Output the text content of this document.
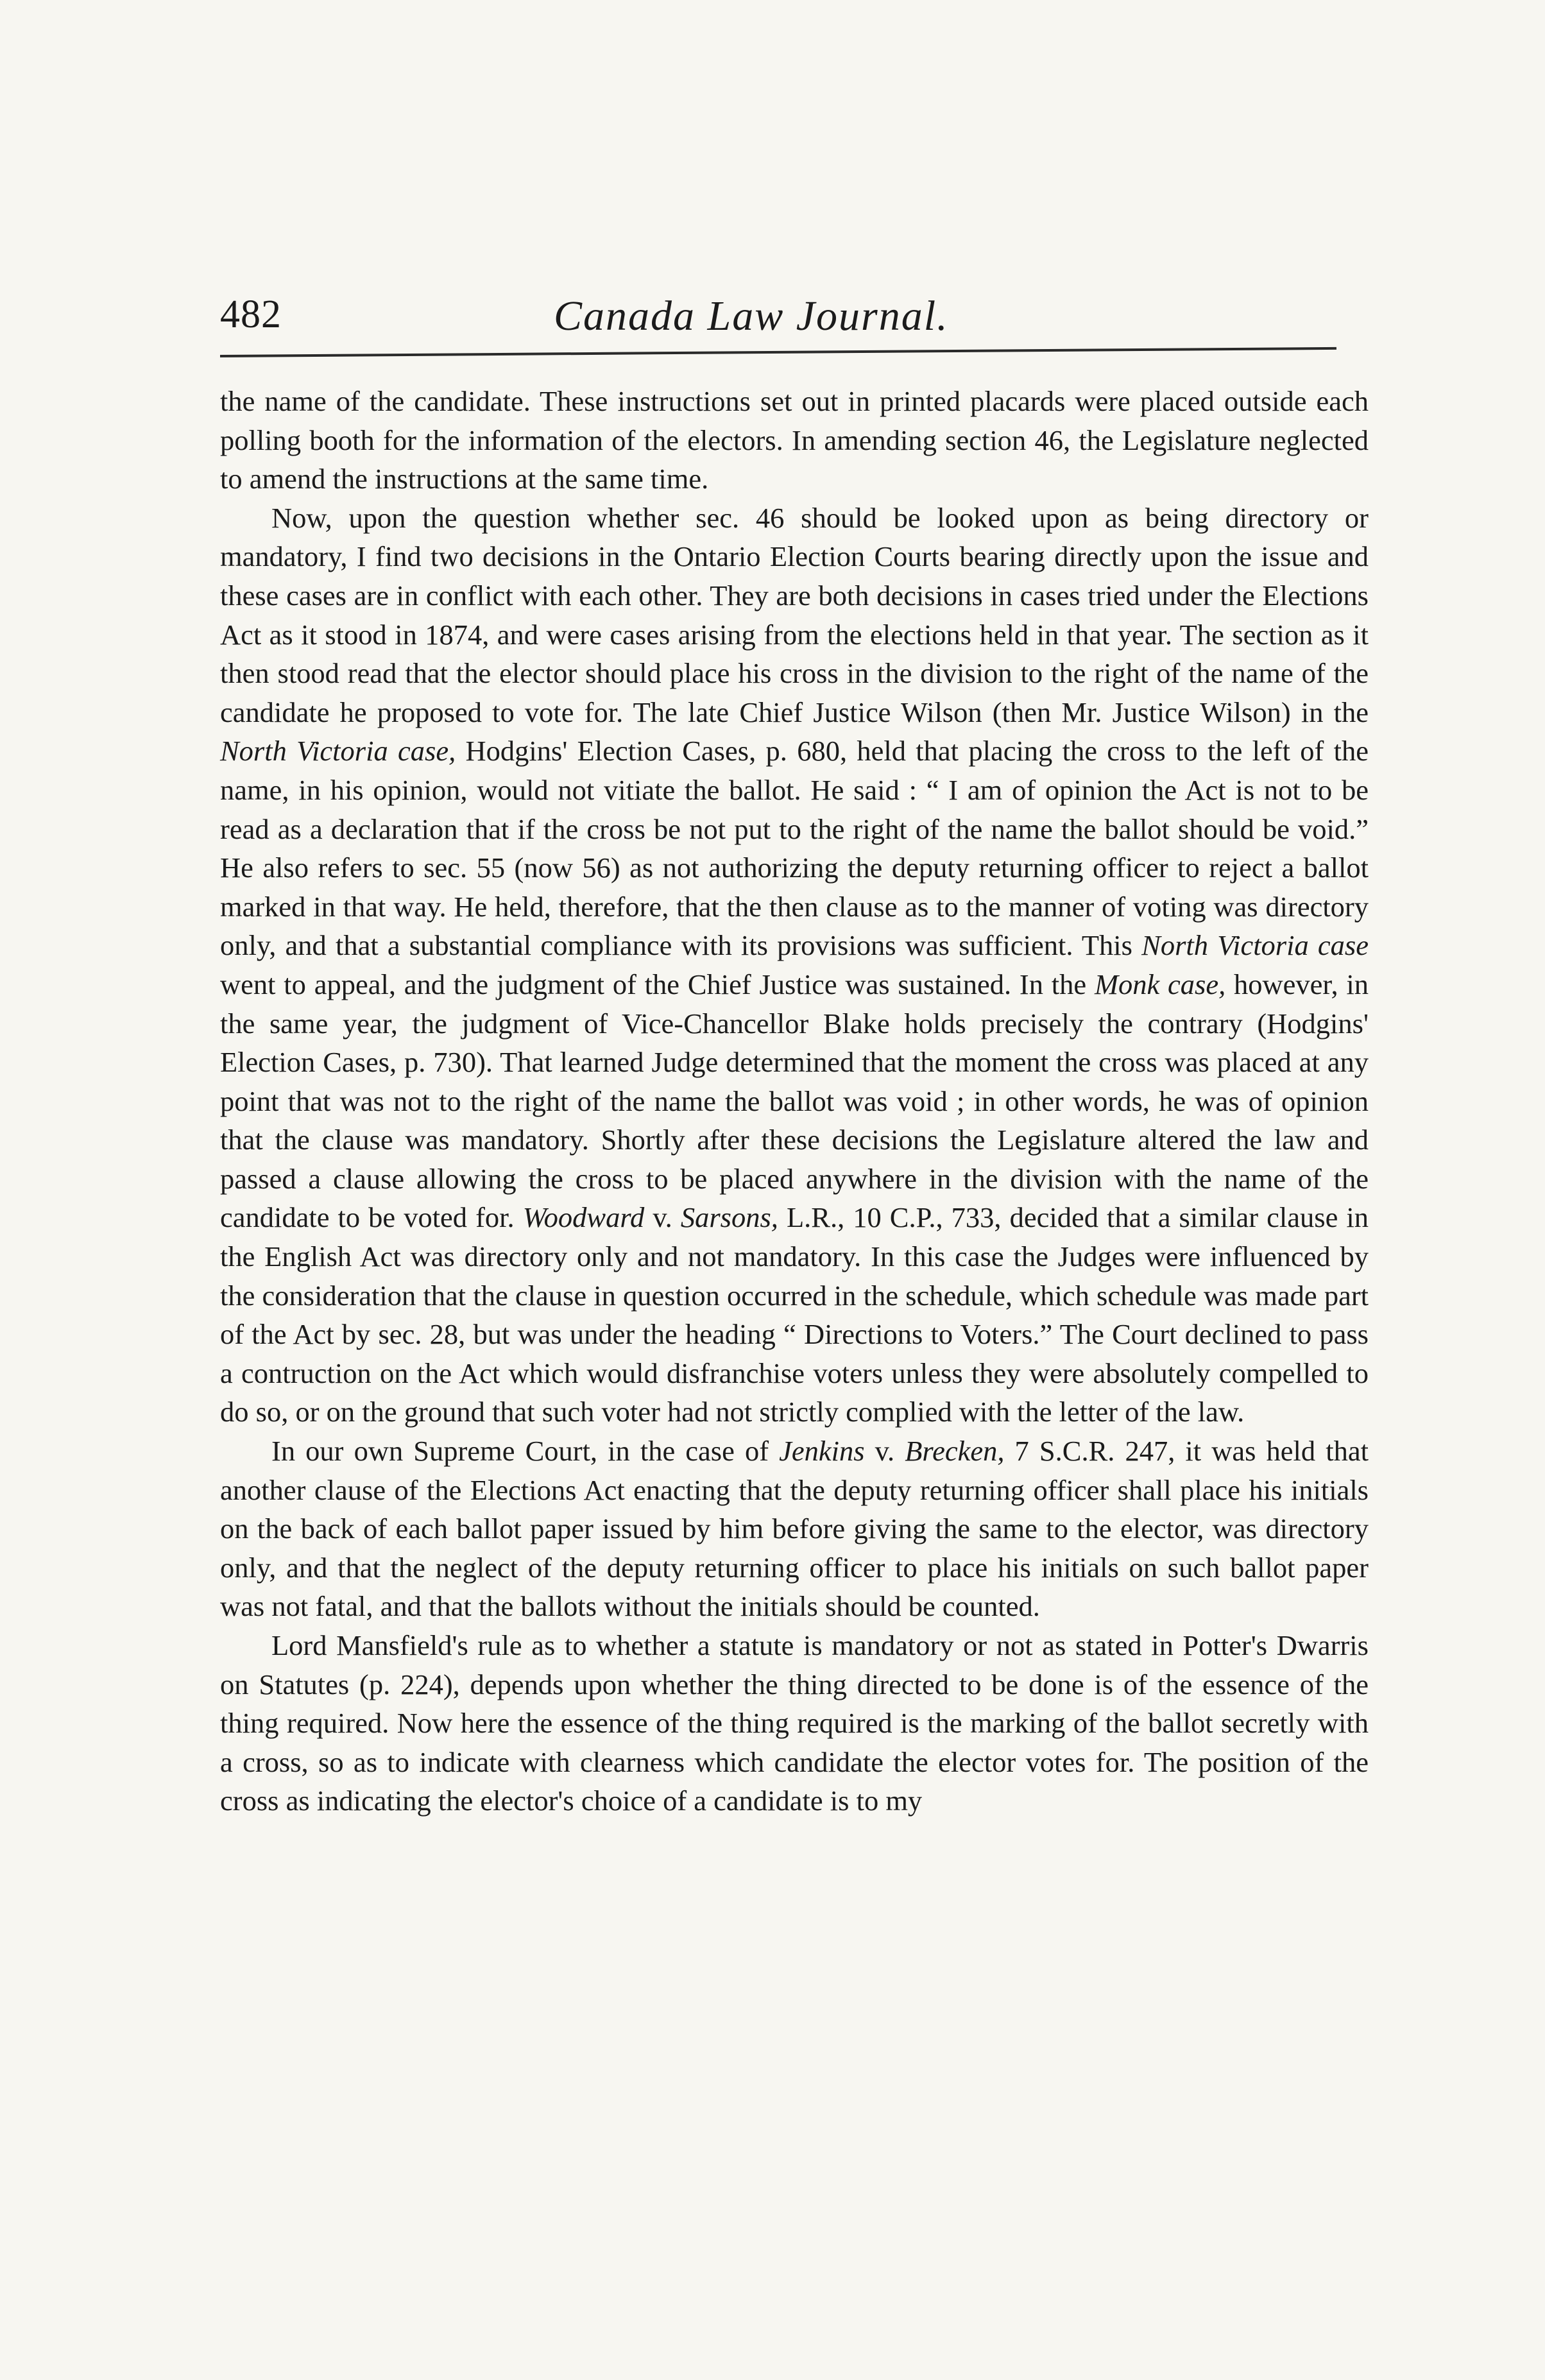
482	Canada Law Journal.

the name of the candidate. These instructions set out in printed placards were placed outside each polling booth for the information of the electors. In amending section 46, the Legislature neglected to amend the instructions at the same time.

Now, upon the question whether sec. 46 should be looked upon as being directory or mandatory, I find two decisions in the Ontario Election Courts bearing directly upon the issue and these cases are in conflict with each other. They are both decisions in cases tried under the Elections Act as it stood in 1874, and were cases arising from the elections held in that year. The section as it then stood read that the elector should place his cross in the division to the right of the name of the candidate he proposed to vote for. The late Chief Justice Wilson (then Mr. Justice Wilson) in the North Victoria case, Hodgins' Election Cases, p. 680, held that placing the cross to the left of the name, in his opinion, would not vitiate the ballot. He said : “ I am of opinion the Act is not to be read as a declaration that if the cross be not put to the right of the name the ballot should be void.” He also refers to sec. 55 (now 56) as not authorizing the deputy returning officer to reject a ballot marked in that way. He held, therefore, that the then clause as to the manner of voting was directory only, and that a substantial compliance with its provisions was sufficient. This North Victoria case went to appeal, and the judgment of the Chief Justice was sustained. In the Monk case, however, in the same year, the judgment of Vice-Chancellor Blake holds precisely the contrary (Hodgins' Election Cases, p. 730). That learned Judge determined that the moment the cross was placed at any point that was not to the right of the name the ballot was void ; in other words, he was of opinion that the clause was mandatory. Shortly after these decisions the Legislature altered the law and passed a clause allowing the cross to be placed anywhere in the division with the name of the candidate to be voted for. Woodward v. Sarsons, L.R., 10 C.P., 733, decided that a similar clause in the English Act was directory only and not mandatory. In this case the Judges were influenced by the consideration that the clause in question occurred in the schedule, which schedule was made part of the Act by sec. 28, but was under the heading “ Directions to Voters.” The Court declined to pass a contruction on the Act which would disfranchise voters unless they were absolutely compelled to do so, or on the ground that such voter had not strictly complied with the letter of the law.

In our own Supreme Court, in the case of Jenkins v. Brecken, 7 S.C.R. 247, it was held that another clause of the Elections Act enacting that the deputy returning officer shall place his initials on the back of each ballot paper issued by him before giving the same to the elector, was directory only, and that the neglect of the deputy returning officer to place his initials on such ballot paper was not fatal, and that the ballots without the initials should be counted.

Lord Mansfield's rule as to whether a statute is mandatory or not as stated in Potter's Dwarris on Statutes (p. 224), depends upon whether the thing directed to be done is of the essence of the thing required. Now here the essence of the thing required is the marking of the ballot secretly with a cross, so as to indicate with clearness which candidate the elector votes for. The position of the cross as indicating the elector's choice of a candidate is to my
